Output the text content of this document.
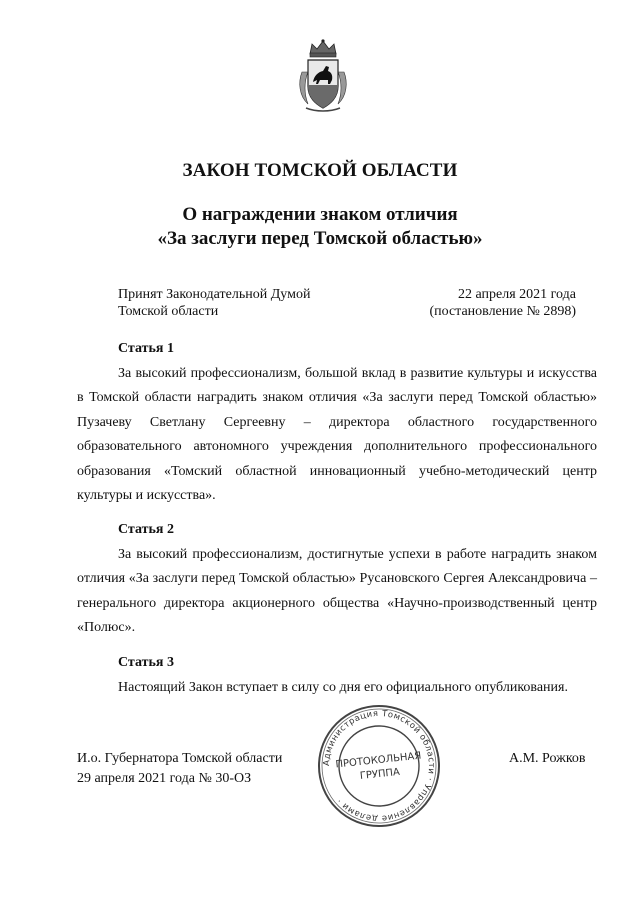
ЗАКОН ТОМСКОЙ ОБЛАСТИ
О награждении знаком отличия
«За заслуги перед Томской областью»
Принят Законодательной Думой
Томской области
22 апреля 2021 года
(постановление № 2898)
Статья 1

За высокий профессионализм, большой вклад в развитие культуры и искусства в Томской области наградить знаком отличия «За заслуги перед Томской областью» Пузачеву Светлану Сергеевну – директора областного государственного образовательного автономного учреждения дополнительного профессионального образования «Томский областной инновационный учебно-методический центр культуры и искусства».

Статья 2

За высокий профессионализм, достигнутые успехи в работе наградить знаком отличия «За заслуги перед Томской областью» Русановского Сергея Александровича – генерального директора акционерного общества «Научно-производственный центр «Полюс».

Статья 3

Настоящий Закон вступает в силу со дня его официального опубликования.

И.о. Губернатора Томской области
29 апреля 2021 года № 30-ОЗ
А.М. Рожков
Администрация Томской области · Управление делами ·
ПРОТОКОЛЬНАЯ
ГРУППА
